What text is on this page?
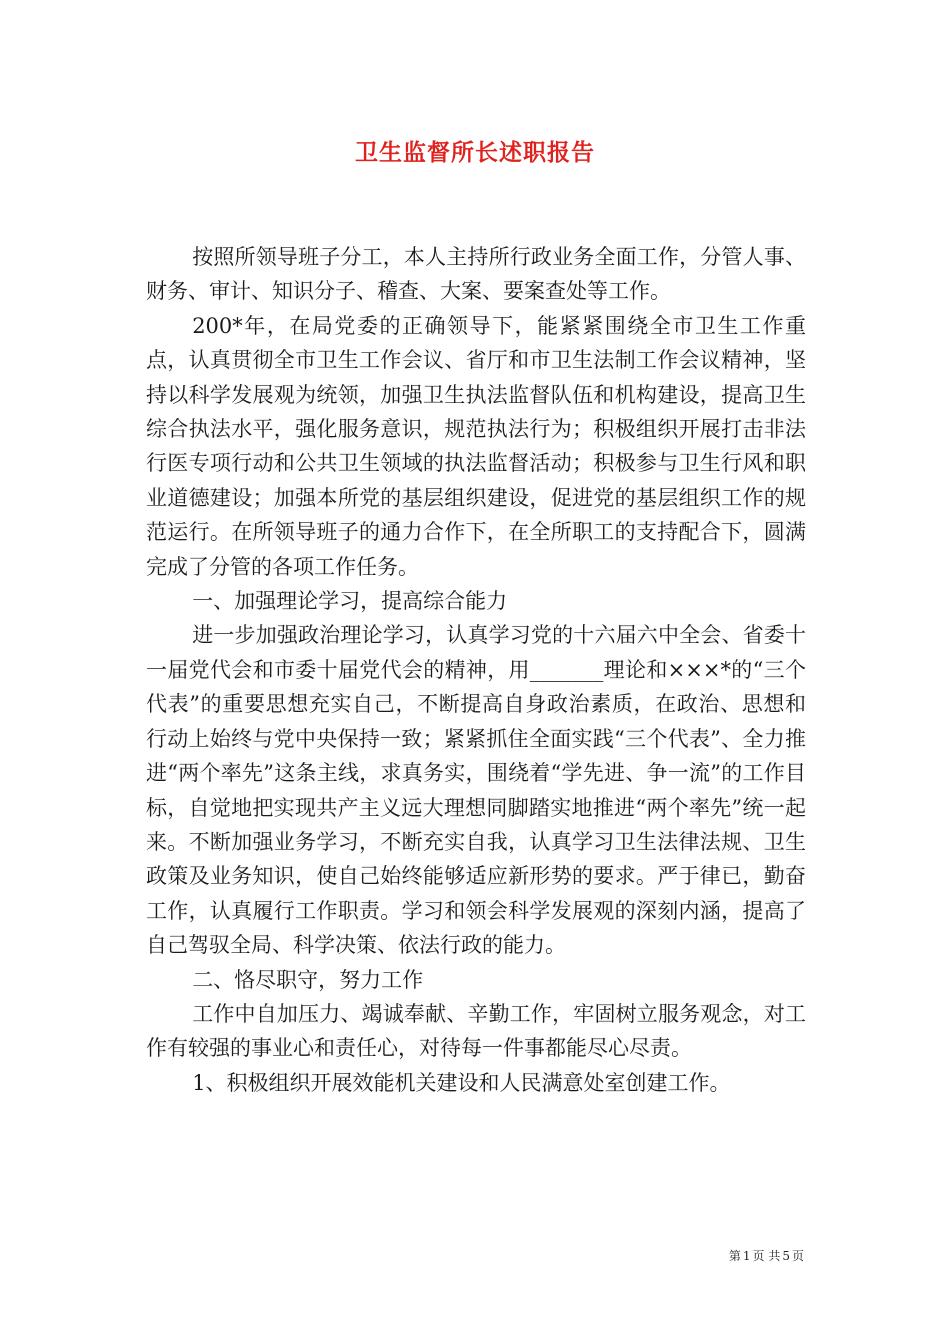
卫生监督所长述职报告

按照所领导班子分工，本人主持所行政业务全面工作，分管人事、财务、审计、知识分子、稽查、大案、要案查处等工作。

200*年，在局党委的正确领导下，能紧紧围绕全市卫生工作重点，认真贯彻全市卫生工作会议、省厅和市卫生法制工作会议精神，坚持以科学发展观为统领，加强卫生执法监督队伍和机构建设，提高卫生综合执法水平，强化服务意识，规范执法行为；积极组织开展打击非法行医专项行动和公共卫生领域的执法监督活动；积极参与卫生行风和职业道德建设；加强本所党的基层组织建设，促进党的基层组织工作的规范运行。在所领导班子的通力合作下，在全所职工的支持配合下，圆满完成了分管的各项工作任务。

一、加强理论学习，提高综合能力

进一步加强政治理论学习，认真学习党的十六届六中全会、省委十一届党代会和市委十届党代会的精神，用_______理论和×××*的“三个代表”的重要思想充实自己，不断提高自身政治素质，在政治、思想和行动上始终与党中央保持一致；紧紧抓住全面实践“三个代表”、全力推进“两个率先”这条主线，求真务实，围绕着“学先进、争一流”的工作目标，自觉地把实现共产主义远大理想同脚踏实地推进“两个率先”统一起来。不断加强业务学习，不断充实自我，认真学习卫生法律法规、卫生政策及业务知识，使自己始终能够适应新形势的要求。严于律已，勤奋工作，认真履行工作职责。学习和领会科学发展观的深刻内涵，提高了自己驾驭全局、科学决策、依法行政的能力。

二、恪尽职守，努力工作

工作中自加压力、竭诚奉献、辛勤工作，牢固树立服务观念，对工作有较强的事业心和责任心，对待每一件事都能尽心尽责。

1、积极组织开展效能机关建设和人民满意处室创建工作。

第 1 页 共 5 页
